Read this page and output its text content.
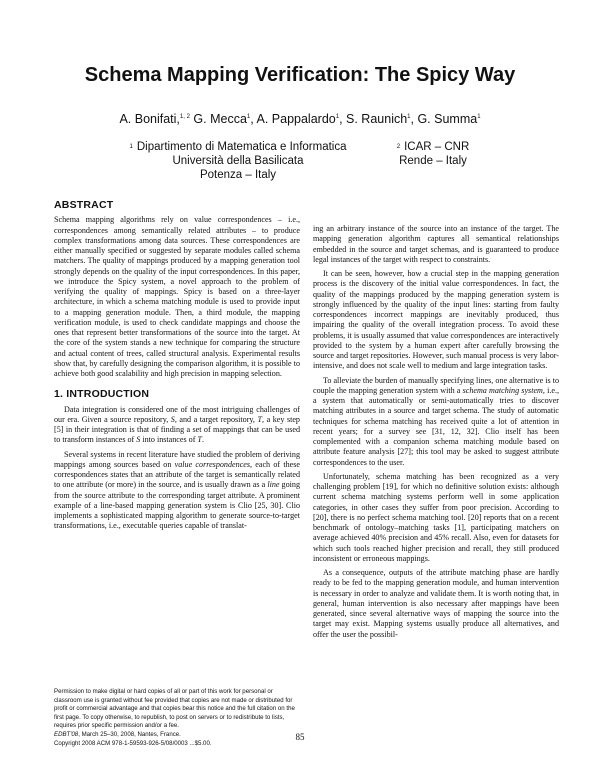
Schema Mapping Verification: The Spicy Way
A. Bonifati,$^{1, 2}$ G. Mecca$^1$, A. Pappalardo$^1$, S. Raunich$^1$, G. Summa$^1$
$^1$ Dipartimento di Matematica e Informatica
Università della Basilicata
Potenza – Italy
$^2$ ICAR – CNR
Rende – Italy
ABSTRACT

Schema mapping algorithms rely on value correspondences – i.e., correspondences among semantically related attributes – to produce complex transformations among data sources. These correspondences are either manually specified or suggested by separate modules called schema matchers. The quality of mappings produced by a mapping generation tool strongly depends on the quality of the input correspondences. In this paper, we introduce the Spicy system, a novel approach to the problem of verifying the quality of mappings. Spicy is based on a three-layer architecture, in which a schema matching module is used to provide input to a mapping generation module. Then, a third module, the mapping verification module, is used to check candidate mappings and choose the ones that represent better transformations of the source into the target. At the core of the system stands a new technique for comparing the structure and actual content of trees, called structural analysis. Experimental results show that, by carefully designing the comparison algorithm, it is possible to achieve both good scalability and high precision in mapping selection.

1. INTRODUCTION

Data integration is considered one of the most intriguing challenges of our era. Given a source repository, S, and a target repository, T, a key step [5] in their integration is that of finding a set of mappings that can be used to transform instances of S into instances of T.

Several systems in recent literature have studied the problem of deriving mappings among sources based on value correspondences, each of these correspondences states that an attribute of the target is semantically related to one attribute (or more) in the source, and is usually drawn as a line going from the source attribute to the corresponding target attribute. A prominent example of a line-based mapping generation system is Clio [25, 30]. Clio implements a sophisticated mapping algorithm to generate source-to-target transformations, i.e., executable queries capable of translat-

Permission to make digital or hard copies of all or part of this work for personal or classroom use is granted without fee provided that copies are not made or distributed for profit or commercial advantage and that copies bear this notice and the full citation on the first page. To copy otherwise, to republish, to post on servers or to redistribute to lists, requires prior specific permission and/or a fee.

EDBT'08, March 25–30, 2008, Nantes, France.

Copyright 2008 ACM 978-1-59593-926-5/08/0003 ...$5.00.

ing an arbitrary instance of the source into an instance of the target. The mapping generation algorithm captures all semantical relationships embedded in the source and target schemas, and is guaranteed to produce legal instances of the target with respect to constraints.

It can be seen, however, how a crucial step in the mapping generation process is the discovery of the initial value correspondences. In fact, the quality of the mappings produced by the mapping generation system is strongly influenced by the quality of the input lines: starting from faulty correspondences incorrect mappings are inevitably produced, thus impairing the quality of the overall integration process. To avoid these problems, it is usually assumed that value correspondences are interactively provided to the system by a human expert after carefully browsing the source and target repositories. However, such manual process is very labor-intensive, and does not scale well to medium and large integration tasks.

To alleviate the burden of manually specifying lines, one alternative is to couple the mapping generation system with a schema matching system, i.e., a system that automatically or semi-automatically tries to discover matching attributes in a source and target schema. The study of automatic techniques for schema matching has received quite a lot of attention in recent years; for a survey see [31, 12, 32]. Clio itself has been complemented with a companion schema matching module based on attribute feature analysis [27]; this tool may be asked to suggest attribute correspondences to the user.

Unfortunately, schema matching has been recognized as a very challenging problem [19], for which no definitive solution exists: although current schema matching systems perform well in some application categories, in other cases they suffer from poor precision. According to [20], there is no perfect schema matching tool. [20] reports that on a recent benchmark of ontology–matching tasks [1], participating matchers on average achieved 40% precision and 45% recall. Also, even for datasets for which such tools reached higher precision and recall, they still produced inconsistent or erroneous mappings.

As a consequence, outputs of the attribute matching phase are hardly ready to be fed to the mapping generation module, and human intervention is necessary in order to analyze and validate them. It is worth noting that, in general, human intervention is also necessary after mappings have been generated, since several alternative ways of mapping the source into the target may exist. Mapping systems usually produce all alternatives, and offer the user the possibil-

85
